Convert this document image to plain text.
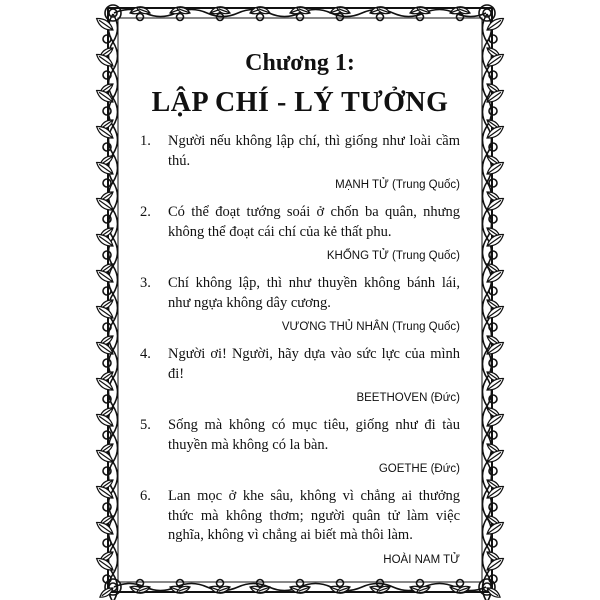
Chương 1:
LẬP CHÍ - LÝ TƯỞNG
1.	Người nếu không lập chí, thì giống như loài cầm thú.
MẠNH TỬ (Trung Quốc)
2.	Có thể đoạt tướng soái ở chốn ba quân, nhưng không thể đoạt cái chí của kẻ thất phu.
KHỔNG TỬ (Trung Quốc)
3.	Chí không lập, thì như thuyền không bánh lái, như ngựa không dây cương.
VƯƠNG THỦ NHÂN (Trung Quốc)
4.	Người ơi! Người, hãy dựa vào sức lực của mình đi!
BEETHOVEN (Đức)
5.	Sống mà không có mục tiêu, giống như đi tàu thuyền mà không có la bàn.
GOETHE (Đức)
6.	Lan mọc ở khe sâu, không vì chẳng ai thưởng thức mà không thơm; người quân tử làm việc nghĩa, không vì chẳng ai biết mà thôi làm.
HOÀI NAM TỬ
